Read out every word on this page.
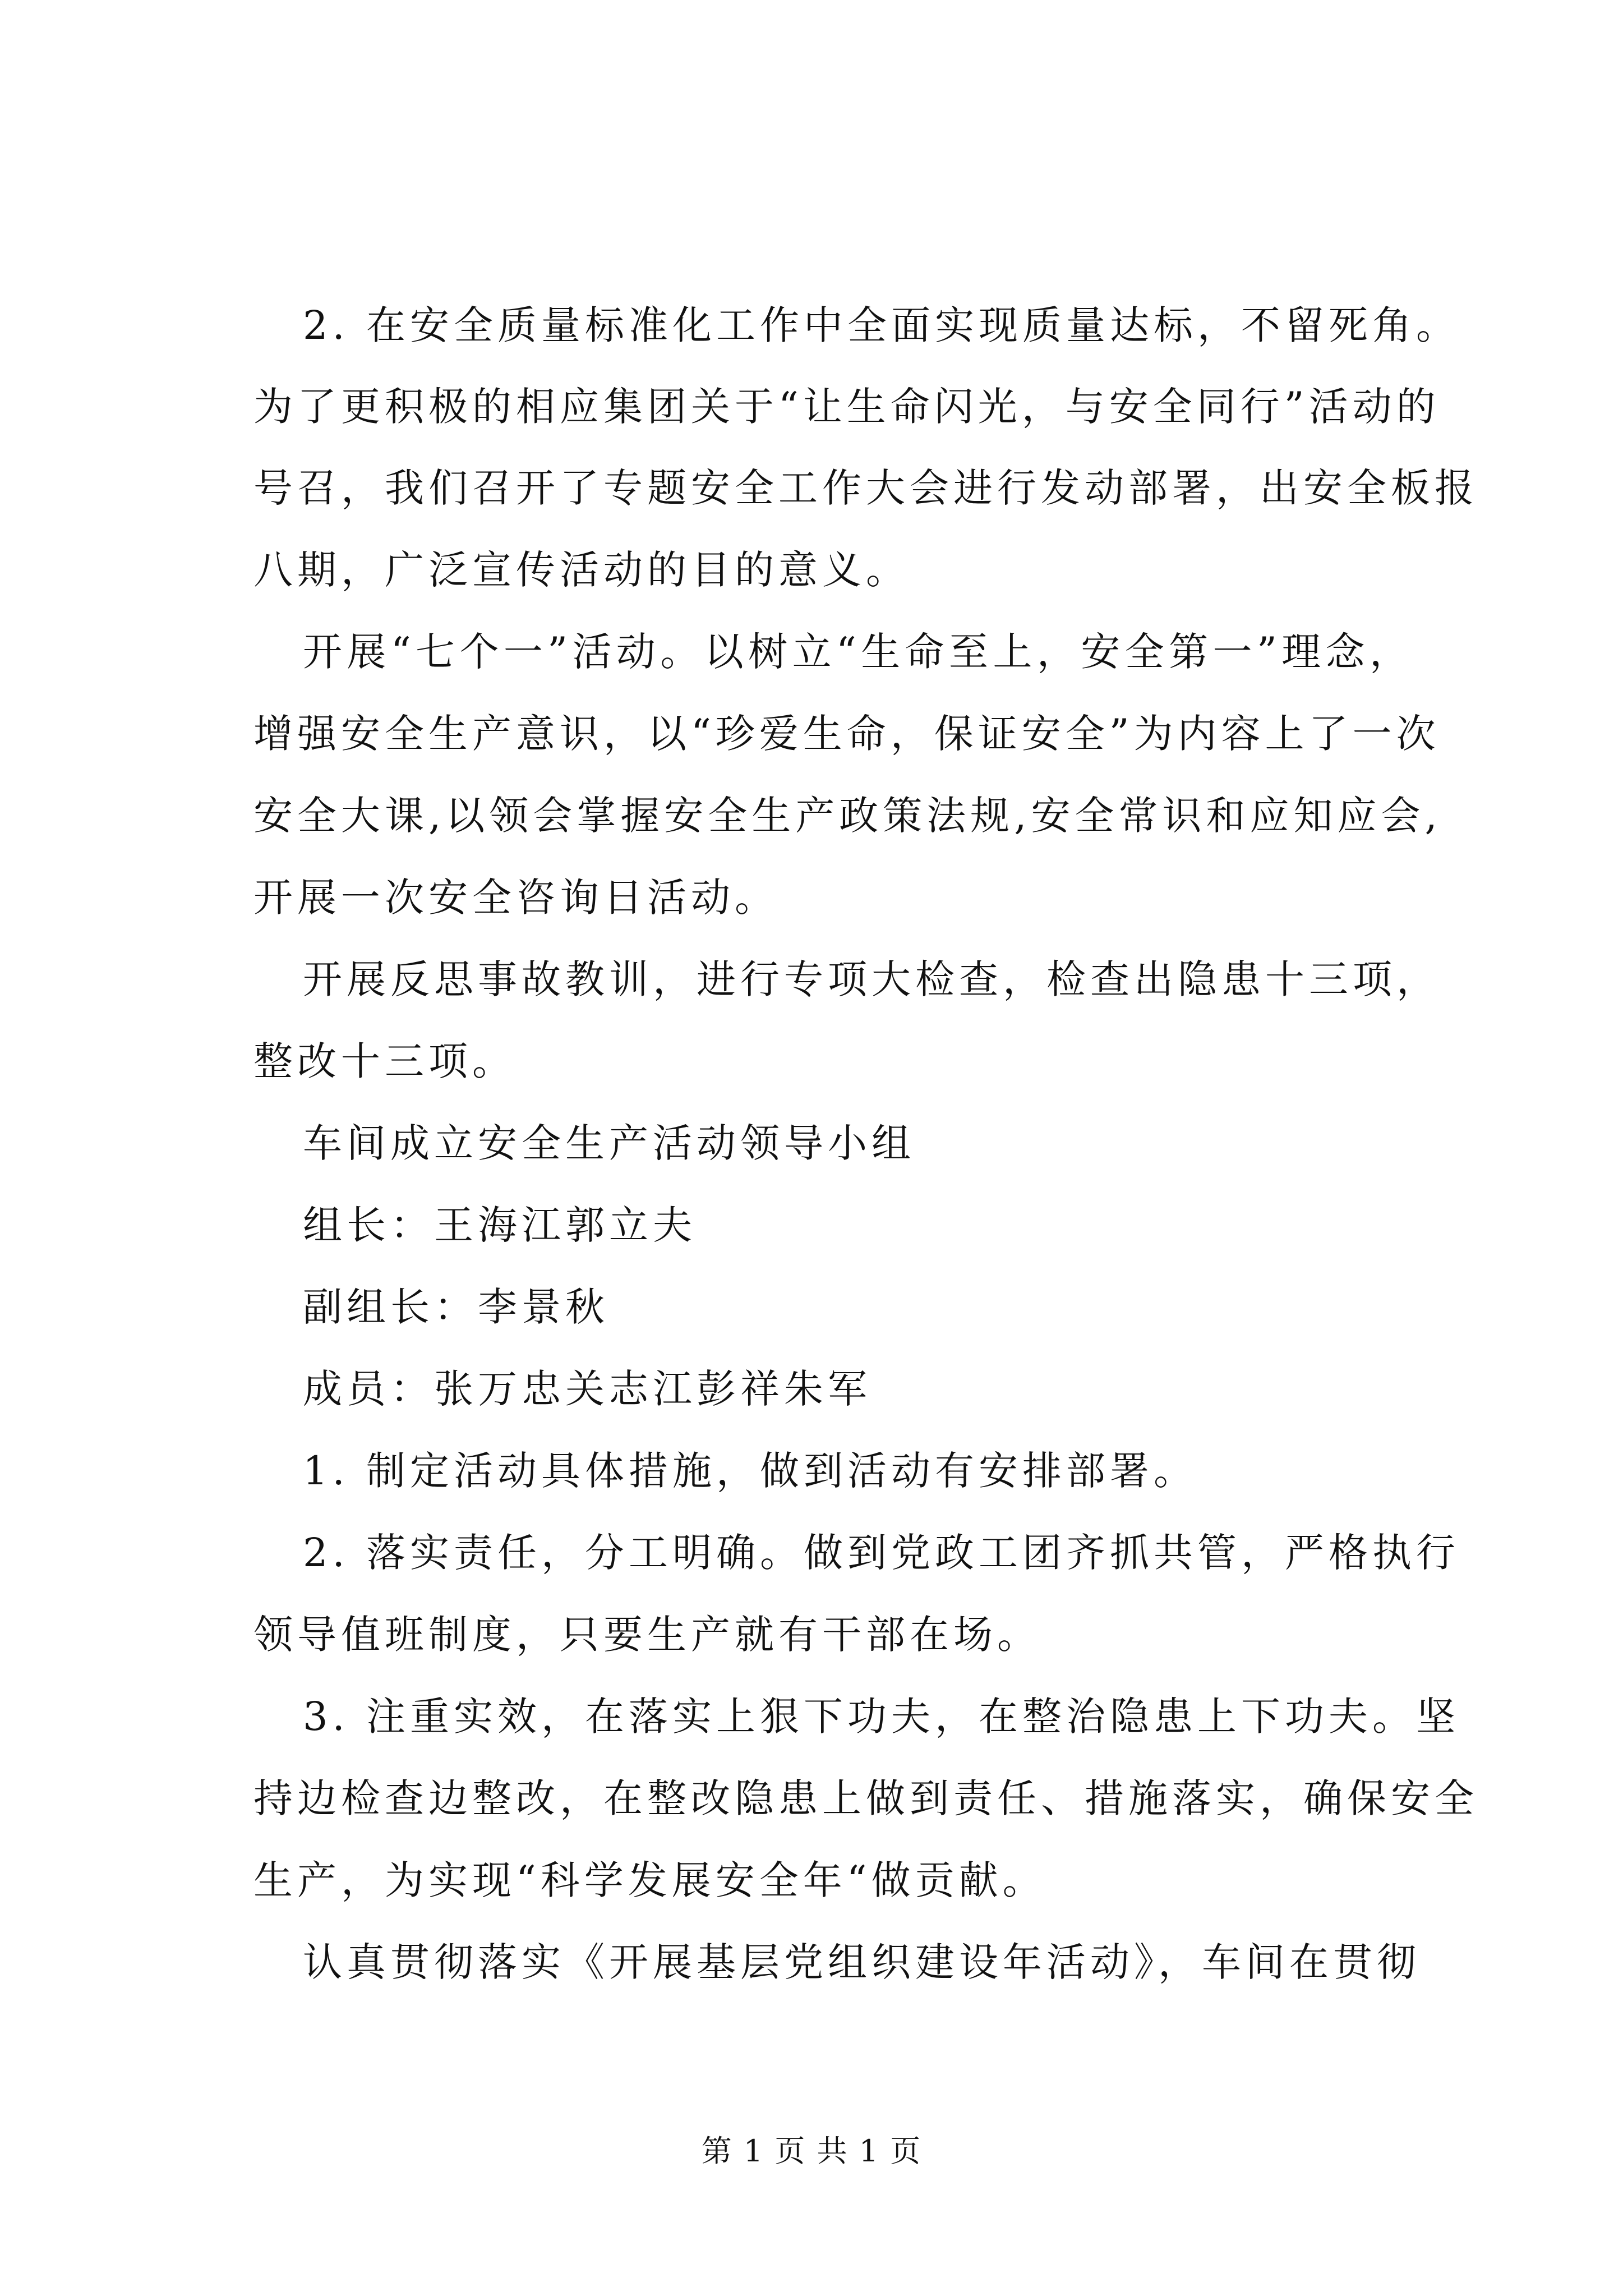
2. 在安全质量标准化工作中全面实现质量达标，不留死角。
为了更积极的相应集团关于“让生命闪光，与安全同行”活动的
号召，我们召开了专题安全工作大会进行发动部署，出安全板报
八期，广泛宣传活动的目的意义。
开展“七个一”活动。以树立“生命至上，安全第一”理念，
增强安全生产意识，以“珍爱生命，保证安全”为内容上了一次
安全大课,以领会掌握安全生产政策法规,安全常识和应知应会,
开展一次安全咨询日活动。
开展反思事故教训，进行专项大检查，检查出隐患十三项，
整改十三项。
车间成立安全生产活动领导小组
组长：王海江郭立夫
副组长：李景秋
成员：张万忠关志江彭祥朱军
1. 制定活动具体措施，做到活动有安排部署。
2. 落实责任，分工明确。做到党政工团齐抓共管，严格执行
领导值班制度，只要生产就有干部在场。
3. 注重实效，在落实上狠下功夫，在整治隐患上下功夫。坚
持边检查边整改，在整改隐患上做到责任、措施落实，确保安全
生产，为实现“科学发展安全年“做贡献。
认真贯彻落实《开展基层党组织建设年活动》，车间在贯彻
第 1 页 共 1 页
